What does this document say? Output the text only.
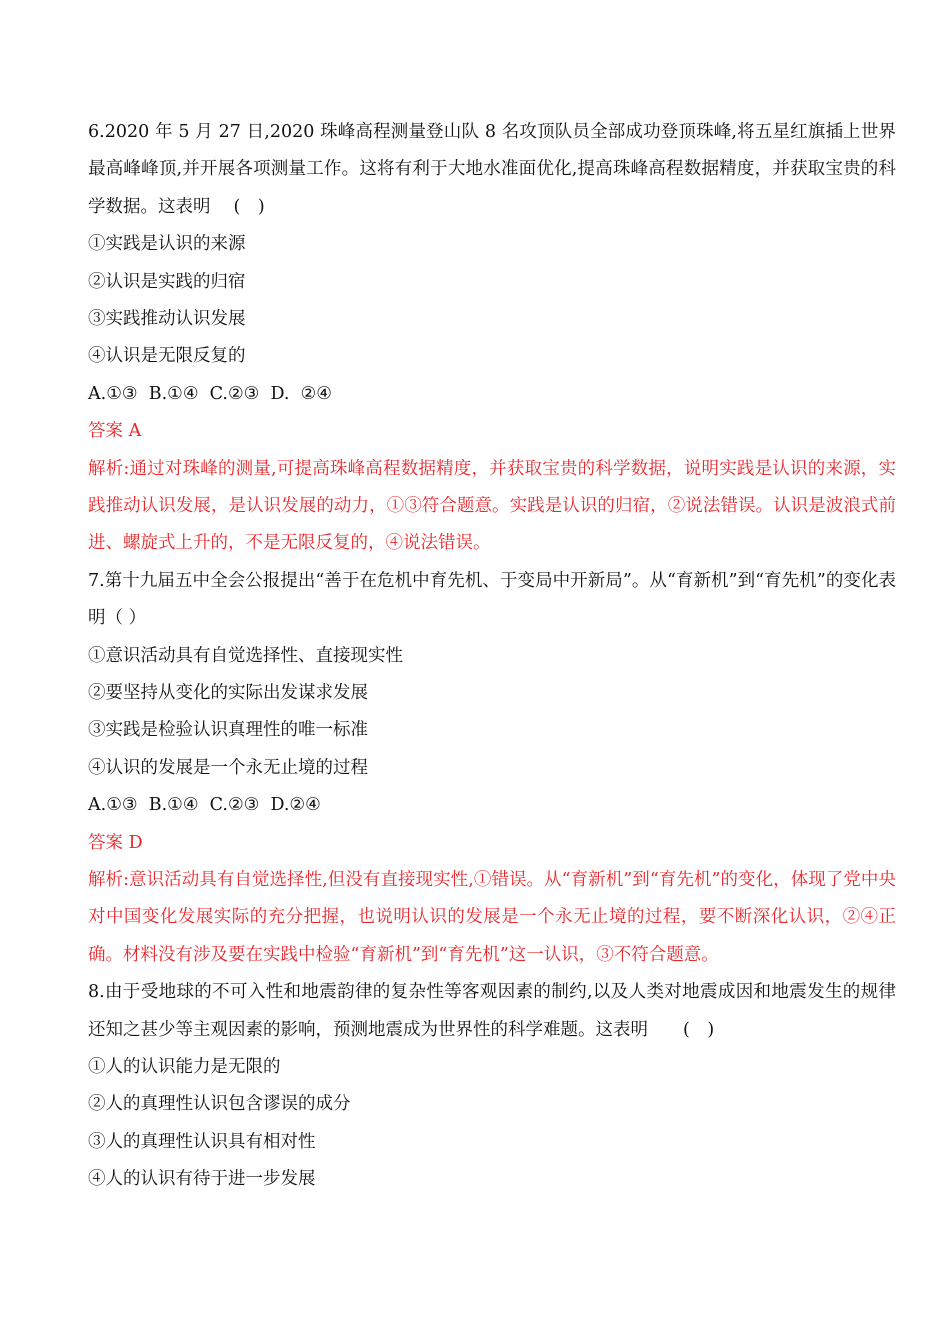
6.2020 年 5 月 27 日,2020 珠峰高程测量登山队 8 名攻顶队员全部成功登顶珠峰,将五星红旗插上世界最高峰峰顶,并开展各项测量工作。这将有利于大地水准面优化,提高珠峰高程数据精度，并获取宝贵的科学数据。这表明　 (　)
①实践是认识的来源
②认识是实践的归宿
③实践推动认识发展
④认识是无限反复的
A.①③  B.①④  C.②③  D.  ②④
答案 A
解析:通过对珠峰的测量,可提高珠峰高程数据精度，并获取宝贵的科学数据，说明实践是认识的来源，实践推动认识发展，是认识发展的动力，①③符合题意。实践是认识的归宿，②说法错误。认识是波浪式前进、螺旋式上升的，不是无限反复的，④说法错误。
7.第十九届五中全会公报提出“善于在危机中育先机、于变局中开新局”。从“育新机”到“育先机”的变化表明（ ）
①意识活动具有自觉选择性、直接现实性
②要坚持从变化的实际出发谋求发展
③实践是检验认识真理性的唯一标准
④认识的发展是一个永无止境的过程
A.①③  B.①④  C.②③  D.②④
答案 D
解析:意识活动具有自觉选择性,但没有直接现实性,①错误。从“育新机”到“育先机”的变化，体现了党中央对中国变化发展实际的充分把握，也说明认识的发展是一个永无止境的过程，要不断深化认识，②④正确。材料没有涉及要在实践中检验“育新机”到“育先机”这一认识，③不符合题意。
8.由于受地球的不可入性和地震韵律的复杂性等客观因素的制约,以及人类对地震成因和地震发生的规律还知之甚少等主观因素的影响，预测地震成为世界性的科学难题。这表明　　(　)
①人的认识能力是无限的
②人的真理性认识包含谬误的成分
③人的真理性认识具有相对性
④人的认识有待于进一步发展
